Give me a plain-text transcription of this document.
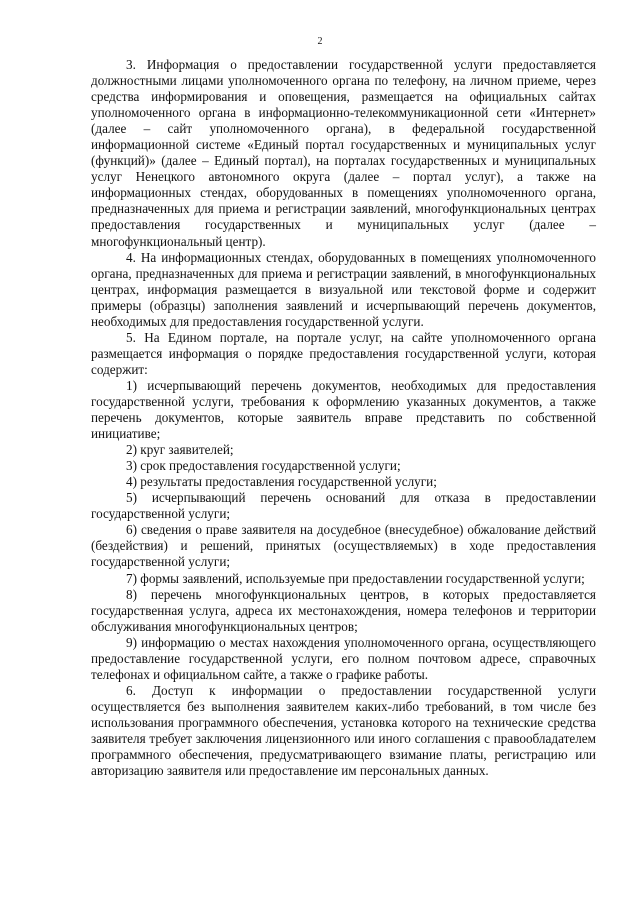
2

3. Информация о предоставлении государственной услуги предоставляется должностными лицами уполномоченного органа по телефону, на личном приеме, через средства информирования и оповещения, размещается на официальных сайтах уполномоченного органа в информационно-телекоммуникационной сети «Интернет» (далее – сайт уполномоченного органа), в федеральной государственной информационной системе «Единый портал государственных и муниципальных услуг (функций)» (далее – Единый портал), на порталах государственных и муниципальных услуг Ненецкого автономного округа (далее – портал услуг), а также на информационных стендах, оборудованных в помещениях уполномоченного органа, предназначенных для приема и регистрации заявлений, многофункциональных центрах предоставления государственных и муниципальных услуг (далее – многофункциональный центр).

4. На информационных стендах, оборудованных в помещениях уполномоченного органа, предназначенных для приема и регистрации заявлений, в многофункциональных центрах, информация размещается в визуальной или текстовой форме и содержит примеры (образцы) заполнения заявлений и исчерпывающий перечень документов, необходимых для предоставления государственной услуги.

5. На Едином портале, на портале услуг, на сайте уполномоченного органа размещается информация о порядке предоставления государственной услуги, которая содержит:

1) исчерпывающий перечень документов, необходимых для предоставления государственной услуги, требования к оформлению указанных документов, а также перечень документов, которые заявитель вправе представить по собственной инициативе;

2) круг заявителей;

3) срок предоставления государственной услуги;

4) результаты предоставления государственной услуги;

5) исчерпывающий перечень оснований для отказа в предоставлении государственной услуги;

6) сведения о праве заявителя на досудебное (внесудебное) обжалование действий (бездействия) и решений, принятых (осуществляемых) в ходе предоставления государственной услуги;

7) формы заявлений, используемые при предоставлении государственной услуги;

8) перечень многофункциональных центров, в которых предоставляется государственная услуга, адреса их местонахождения, номера телефонов и территории обслуживания многофункциональных центров;

9) информацию о местах нахождения уполномоченного органа, осуществляющего предоставление государственной услуги, его полном почтовом адресе, справочных телефонах и официальном сайте, а также о графике работы.

6. Доступ к информации о предоставлении государственной услуги осуществляется без выполнения заявителем каких-либо требований, в том числе без использования программного обеспечения, установка которого на технические средства заявителя требует заключения лицензионного или иного соглашения с правообладателем программного обеспечения, предусматривающего взимание платы, регистрацию или авторизацию заявителя или предоставление им персональных данных.
